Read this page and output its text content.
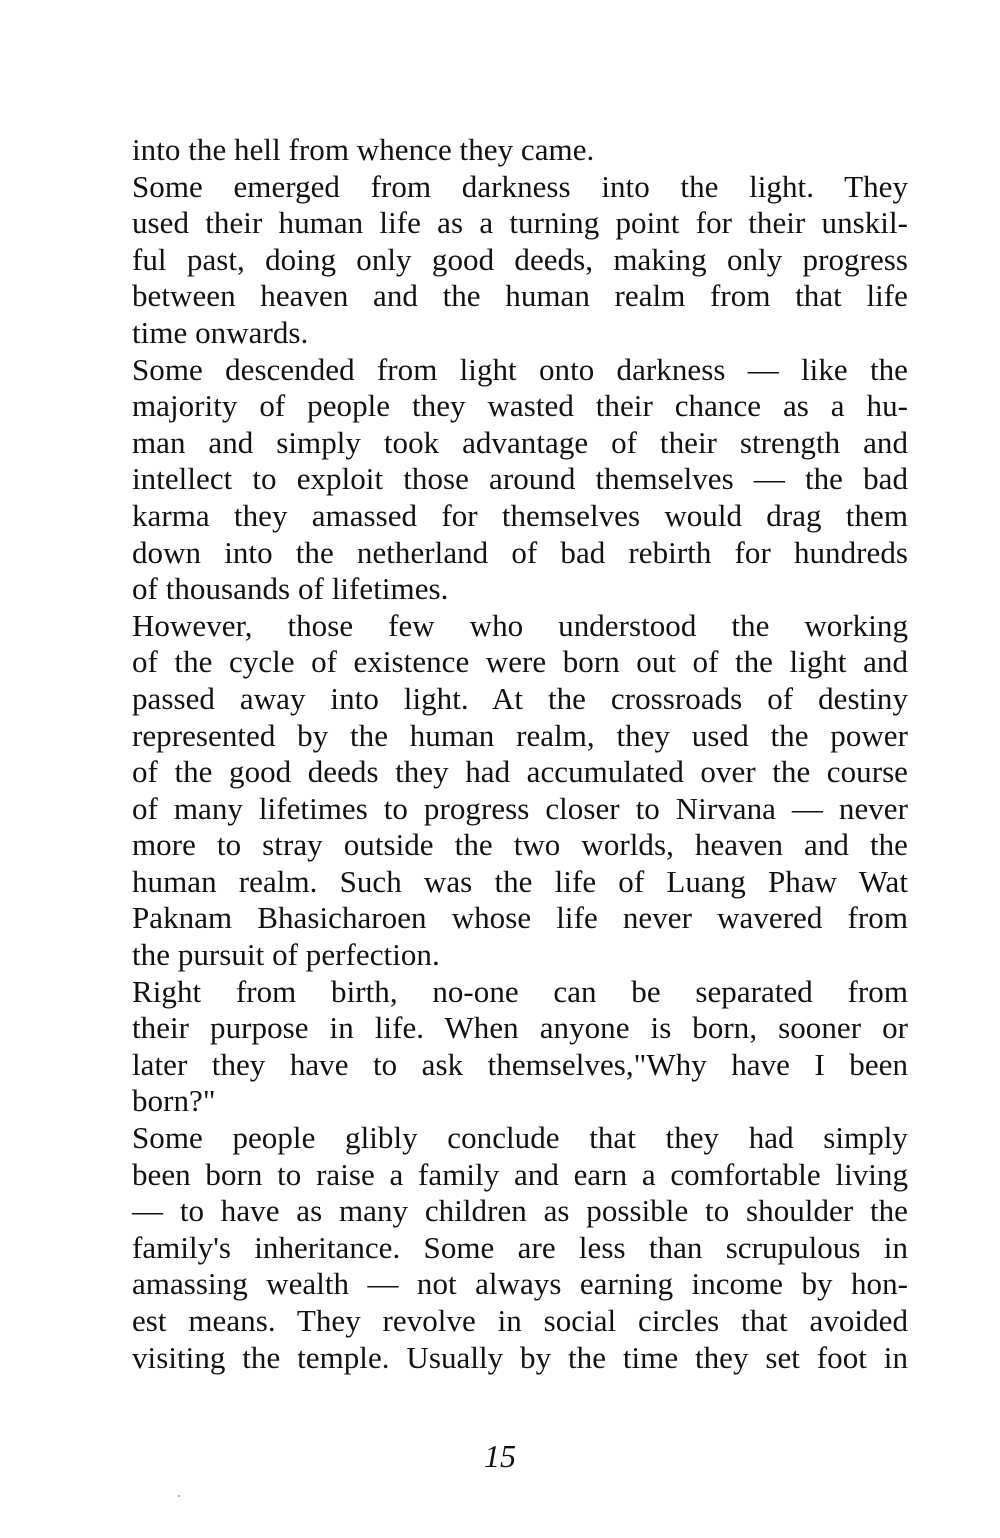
into the hell from whence they came.
Some emerged from darkness into the light. They
used their human life as a turning point for their unskil-
ful past, doing only good deeds, making only progress
between heaven and the human realm from that life
time onwards.
Some descended from light onto darkness — like the
majority of people they wasted their chance as a hu-
man and simply took advantage of their strength and
intellect to exploit those around themselves — the bad
karma they amassed for themselves would drag them
down into the netherland of bad rebirth for hundreds
of thousands of lifetimes.
However, those few who understood the working
of the cycle of existence were born out of the light and
passed away into light. At the crossroads of destiny
represented by the human realm, they used the power
of the good deeds they had accumulated over the course
of many lifetimes to progress closer to Nirvana — never
more to stray outside the two worlds, heaven and the
human realm. Such was the life of Luang Phaw Wat
Paknam Bhasicharoen whose life never wavered from
the pursuit of perfection.
Right from birth, no-one can be separated from
their purpose in life. When anyone is born, sooner or
later they have to ask themselves,"Why have I been
born?"
Some people glibly conclude that they had simply
been born to raise a family and earn a comfortable living
— to have as many children as possible to shoulder the
family's inheritance. Some are less than scrupulous in
amassing wealth — not always earning income by hon-
est means. They revolve in social circles that avoided
visiting the temple. Usually by the time they set foot in
15
